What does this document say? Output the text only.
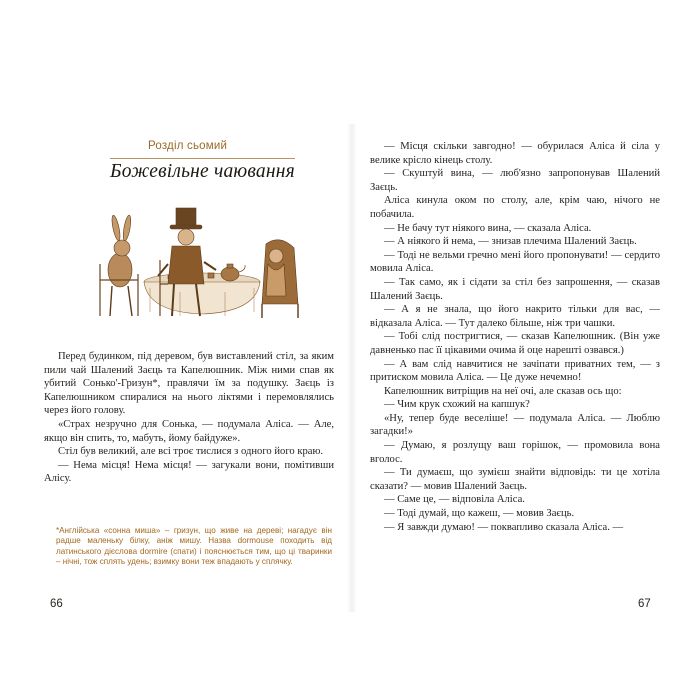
Розділ сьомий
Божевільне чаювання

Перед будинком, під деревом, був виставлений стіл, за яким пили чай Шалений Заєць та Капелюшник. Між ними спав як убитий Сонько'-Гризун*, правлячи їм за подушку. Заєць із Капелюшником спиралися на нього ліктями і перемовлялись через його голову.

«Страх незручно для Сонька, — подумала Аліса. — Але, якщо він спить, то, мабуть, йому байдуже».

Стіл був великий, але всі троє тислися з одного його краю.

— Нема місця! Нема місця! — загукали вони, помітивши Алісу.

*Англійська «сонна миша» – гризун, що живе на дереві; нагадує він радше маленьку білку, аніж мишу. Назва dormouse походить від латинського дієслова dormire (спати) і пояснюється тим, що ці тваринки – нічні, тож сплять удень; взимку вони теж впадають у сплячку.

66

— Місця скільки завгодно! — обурилася Аліса й сіла у велике крісло кінець столу.

— Скуштуй вина, — люб'язно запропонував Шалений Заєць.

Аліса кинула оком по столу, але, крім чаю, нічого не побачила.

— Не бачу тут ніякого вина, — сказала Аліса.

— А ніякого й нема, — знизав плечима Шалений Заєць.

— Тоді не вельми гречно мені його пропонувати! — сердито мовила Аліса.

— Так само, як і сідати за стіл без запрошення, — сказав Шалений Заєць.

— А я не знала, що його накрито тільки для вас, — відказала Аліса. — Тут далеко більше, ніж три чашки.

— Тобі слід постригтися, — сказав Капелюшник. (Він уже давненько пас її цікавими очима й оце нарешті озвався.)

— А вам слід навчитися не зачіпати приватних тем, — з притиском мовила Аліса. — Це дуже нечемно!

Капелюшник витріщив на неї очі, але сказав ось що:

— Чим крук схожий на капшук?

«Ну, тепер буде веселіше! — подумала Аліса. — Люблю загадки!»

— Думаю, я розлущу ваш горішок, — промовила вона вголос.

— Ти думаєш, що зумієш знайти відповідь: ти це хотіла сказати? — мовив Шалений Заєць.

— Саме це, — відповіла Аліса.

— Тоді думай, що кажеш, — мовив Заєць.

— Я завжди думаю! — поквапливо сказала Аліса. —

67
